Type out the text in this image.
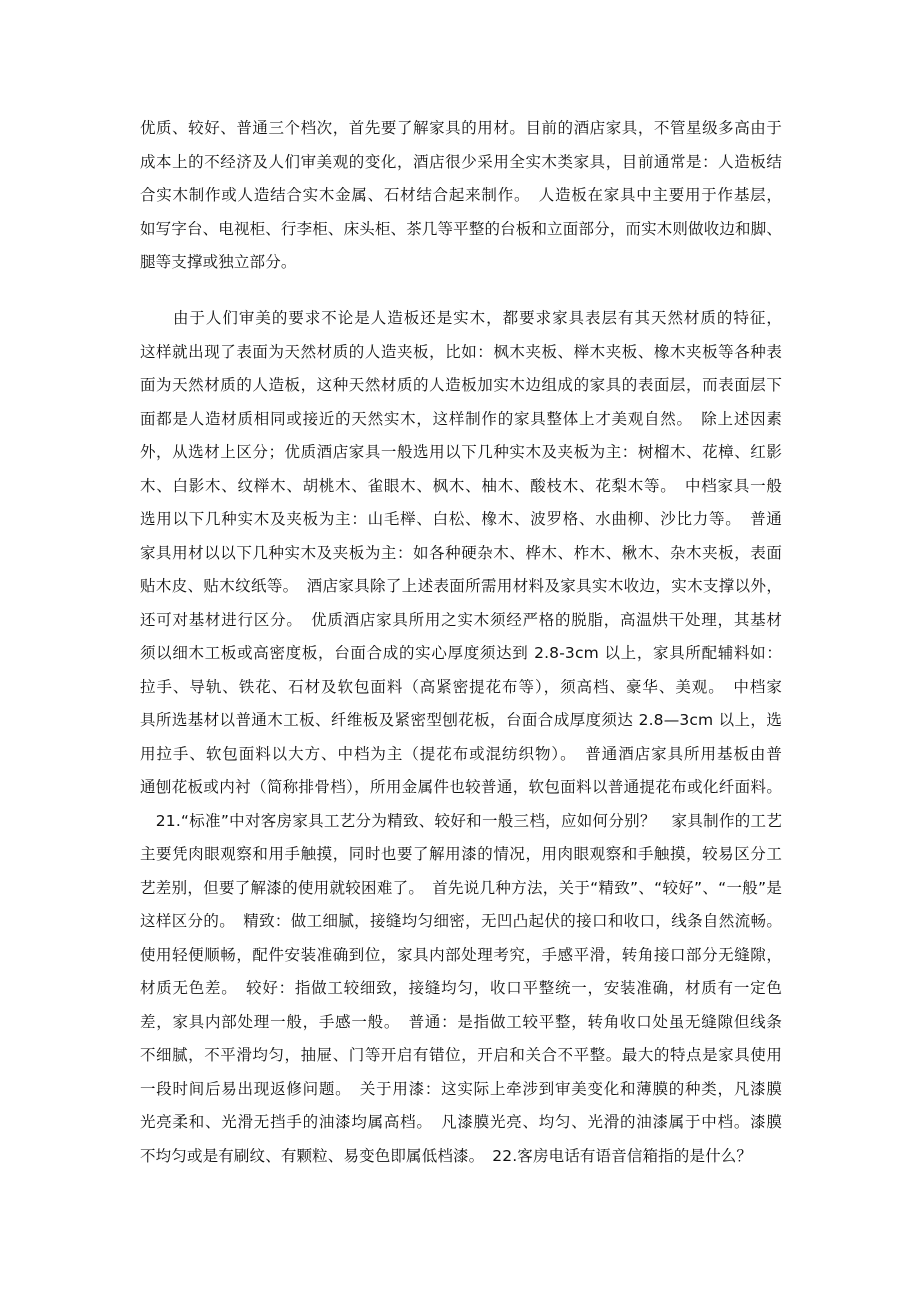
优质、较好、普通三个档次，首先要了解家具的用材。目前的酒店家具，不管星级多高由于
成本上的不经济及人们审美观的变化，酒店很少采用全实木类家具，目前通常是：人造板结
合实木制作或人造结合实木金属、石材结合起来制作。　人造板在家具中主要用于作基层，
如写字台、电视柜、行李柜、床头柜、茶几等平整的台板和立面部分，而实木则做收边和脚、
腿等支撑或独立部分。
　　由于人们审美的要求不论是人造板还是实木，都要求家具表层有其天然材质的特征，
这样就出现了表面为天然材质的人造夹板，比如：枫木夹板、榉木夹板、橡木夹板等各种表
面为天然材质的人造板，这种天然材质的人造板加实木边组成的家具的表面层，而表面层下
面都是人造材质相同或接近的天然实木，这样制作的家具整体上才美观自然。　除上述因素
外，从选材上区分；优质酒店家具一般选用以下几种实木及夹板为主：树榴木、花樟、红影
木、白影木、纹榉木、胡桃木、雀眼木、枫木、柚木、酸枝木、花梨木等。　中档家具一般
选用以下几种实木及夹板为主：山毛榉、白松、橡木、波罗格、水曲柳、沙比力等。　普通
家具用材以以下几种实木及夹板为主：如各种硬杂木、桦木、柞木、楸木、杂木夹板，表面
贴木皮、贴木纹纸等。　酒店家具除了上述表面所需用材料及家具实木收边，实木支撑以外，
还可对基材进行区分。　优质酒店家具所用之实木须经严格的脱脂，高温烘干处理，其基材
须以细木工板或高密度板，台面合成的实心厚度须达到 2.8-3cm 以上，家具所配辅料如：
拉手、导轨、铁花、石材及软包面料（高紧密提花布等），须高档、豪华、美观。　中档家
具所选基材以普通木工板、纤维板及紧密型刨花板，台面合成厚度须达 2.8—3cm 以上，选
用拉手、软包面料以大方、中档为主（提花布或混纺织物）。　普通酒店家具所用基板由普
通刨花板或内衬（简称排骨档），所用金属件也较普通，软包面料以普通提花布或化纤面料。
　21.“标准”中对客房家具工艺分为精致、较好和一般三档，应如何分别？　家具制作的工艺
主要凭肉眼观察和用手触摸，同时也要了解用漆的情况，用肉眼观察和手触摸，较易区分工
艺差别，但要了解漆的使用就较困难了。　首先说几种方法，关于“精致”、“较好”、“一般”是
这样区分的。　精致：做工细腻，接缝均匀细密，无凹凸起伏的接口和收口，线条自然流畅。
使用轻便顺畅，配件安装准确到位，家具内部处理考究，手感平滑，转角接口部分无缝隙，
材质无色差。　较好：指做工较细致，接缝均匀，收口平整统一，安装准确，材质有一定色
差，家具内部处理一般，手感一般。　普通：是指做工较平整，转角收口处虽无缝隙但线条
不细腻，不平滑均匀，抽屉、门等开启有错位，开启和关合不平整。最大的特点是家具使用
一段时间后易出现返修问题。　关于用漆：这实际上牵涉到审美变化和薄膜的种类，凡漆膜
光亮柔和、光滑无挡手的油漆均属高档。　凡漆膜光亮、均匀、光滑的油漆属于中档。漆膜
不均匀或是有刷纹、有颗粒、易变色即属低档漆。　22.客房电话有语音信箱指的是什么？
